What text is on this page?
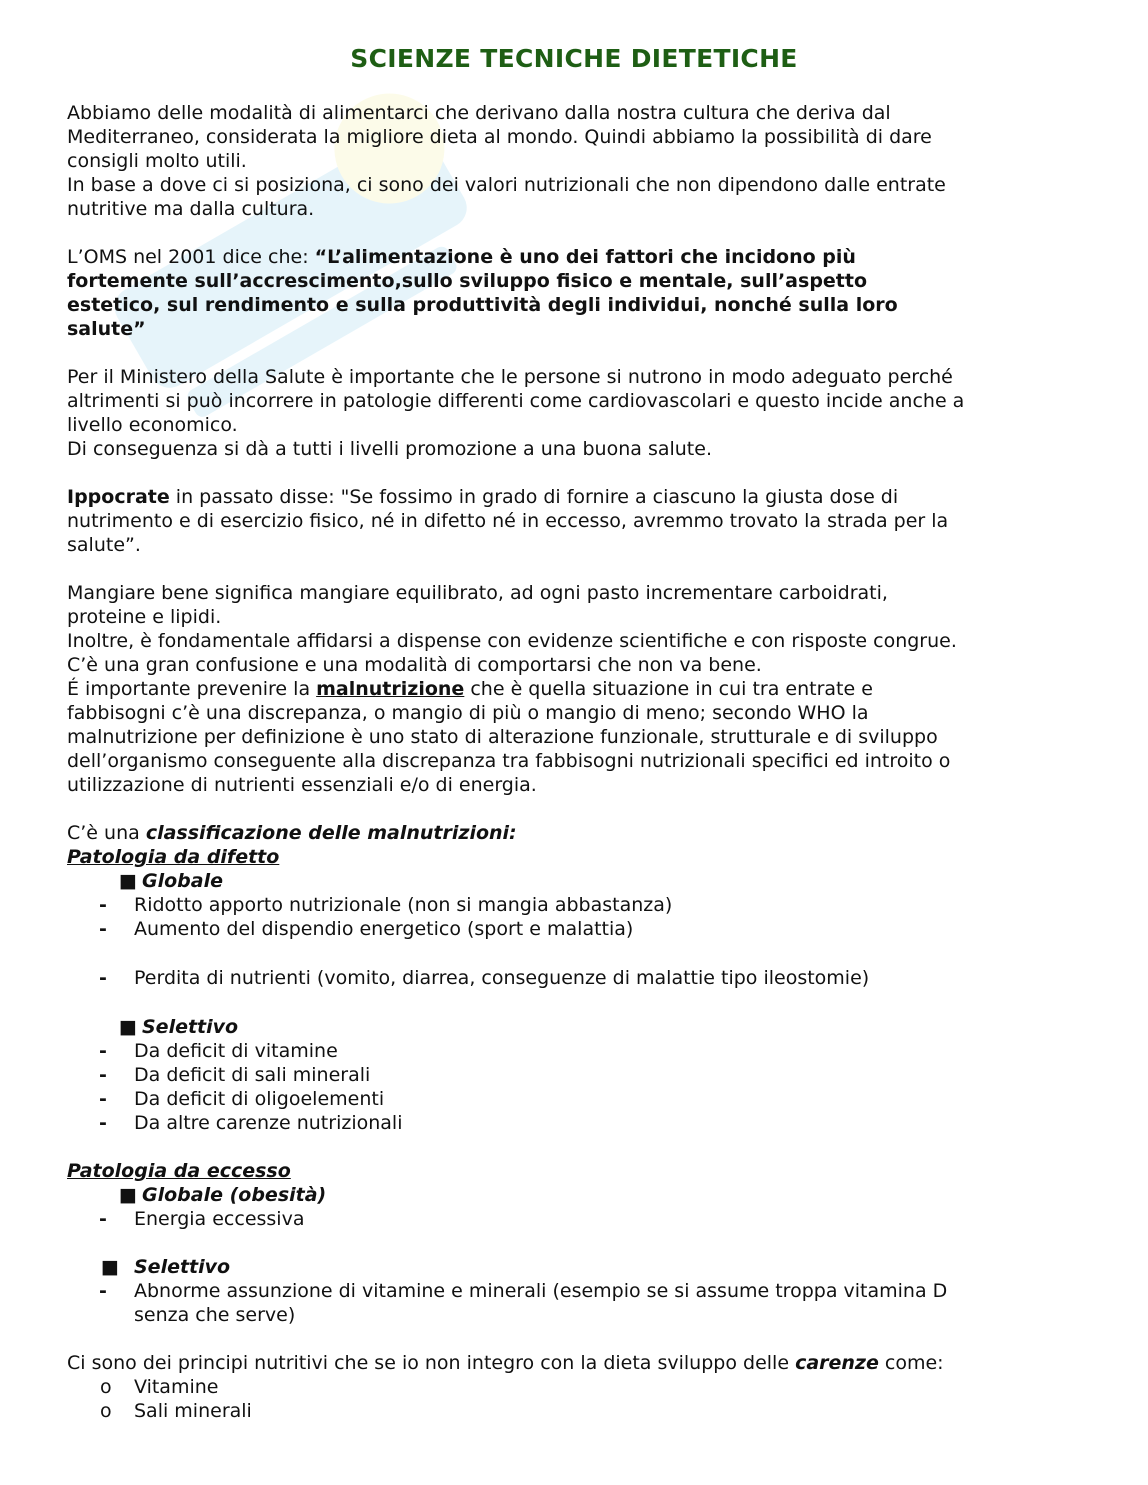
SCIENZE TECNICHE DIETETICHE

Abbiamo delle modalità di alimentarci che derivano dalla nostra cultura che deriva dal

Mediterraneo, considerata la migliore dieta al mondo. Quindi abbiamo la possibilità di dare

consigli molto utili.

In base a dove ci si posiziona, ci sono dei valori nutrizionali che non dipendono dalle entrate

nutritive ma dalla cultura.

L’OMS nel 2001 dice che: “L’alimentazione è uno dei fattori che incidono più

fortemente sull’accrescimento,sullo sviluppo fisico e mentale, sull’aspetto

estetico, sul rendimento e sulla produttività degli individui, nonché sulla loro

salute”

Per il Ministero della Salute è importante che le persone si nutrono in modo adeguato perché

altrimenti si può incorrere in patologie differenti come cardiovascolari e questo incide anche a

livello economico.

Di conseguenza si dà a tutti i livelli promozione a una buona salute.

Ippocrate in passato disse: "Se fossimo in grado di fornire a ciascuno la giusta dose di

nutrimento e di esercizio fisico, né in difetto né in eccesso, avremmo trovato la strada per la

salute”.

Mangiare bene significa mangiare equilibrato, ad ogni pasto incrementare carboidrati,

proteine e lipidi.

Inoltre, è fondamentale affidarsi a dispense con evidenze scientifiche e con risposte congrue.

C’è una gran confusione e una modalità di comportarsi che non va bene.

É importante prevenire la malnutrizione che è quella situazione in cui tra entrate e

fabbisogni c’è una discrepanza, o mangio di più o mangio di meno; secondo WHO la

malnutrizione per definizione è uno stato di alterazione funzionale, strutturale e di sviluppo

dell’organismo conseguente alla discrepanza tra fabbisogni nutrizionali specifici ed introito o

utilizzazione di nutrienti essenziali e/o di energia.

C’è una classificazione delle malnutrizioni:
Patologia da difetto
■ Globale
- Ridotto apporto nutrizionale (non si mangia abbastanza)
- Aumento del dispendio energetico (sport e malattia)
- Perdita di nutrienti (vomito, diarrea, conseguenze di malattie tipo ileostomie)
■ Selettivo
- Da deficit di vitamine
- Da deficit di sali minerali
- Da deficit di oligoelementi
- Da altre carenze nutrizionali
Patologia da eccesso
■ Globale (obesità)
- Energia eccessiva
■ Selettivo
- Abnorme assunzione di vitamine e minerali (esempio se si assume troppa vitamina D
senza che serve)
Ci sono dei principi nutritivi che se io non integro con la dieta sviluppo delle carenze come:
o Vitamine
o Sali minerali
